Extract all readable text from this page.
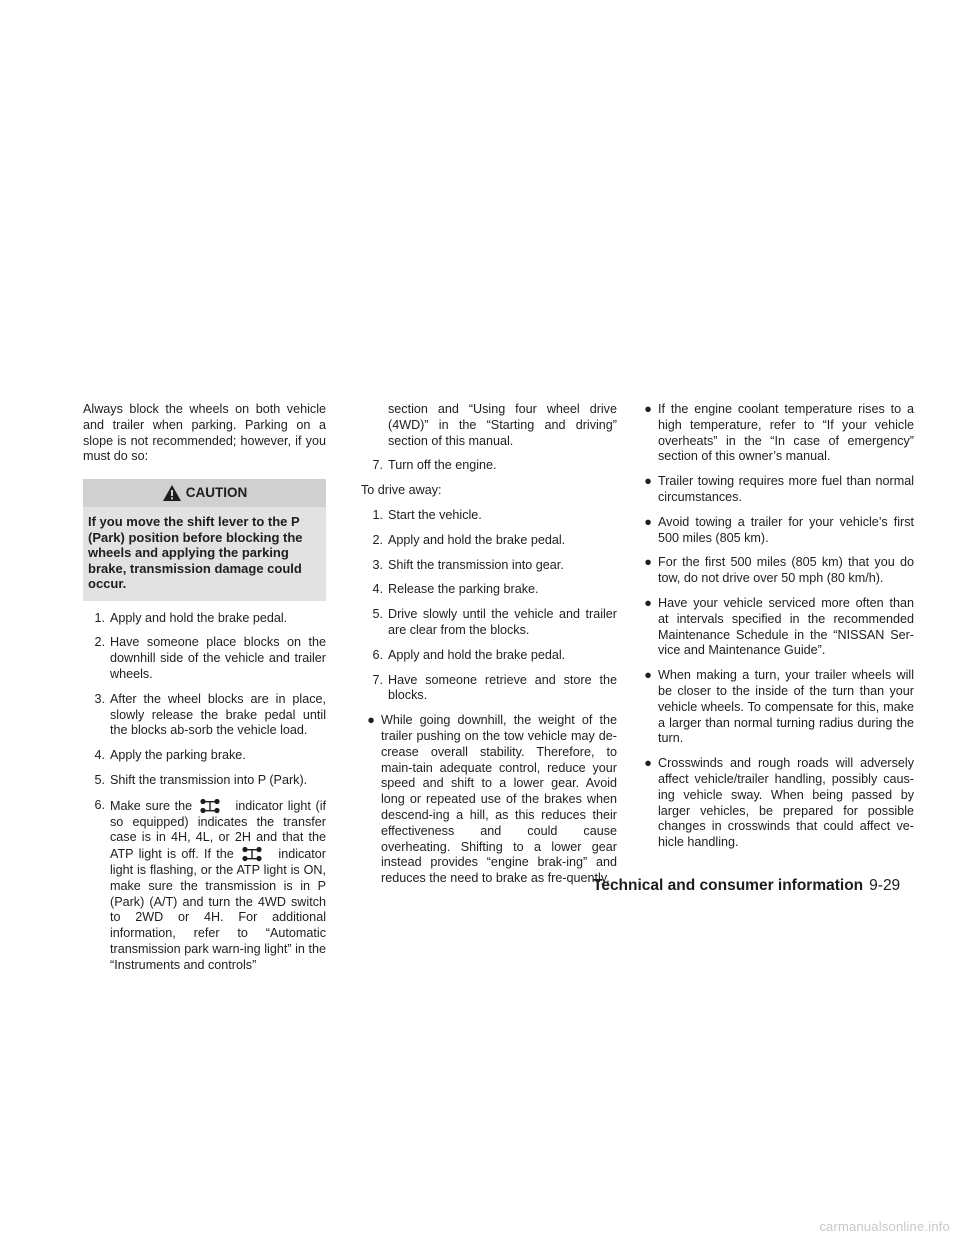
Always block the wheels on both vehicle and trailer when parking. Parking on a slope is not recommended; however, if you must do so:

CAUTION
If you move the shift lever to the P (Park) position before blocking the wheels and applying the parking brake, transmission damage could occur.
1. Apply and hold the brake pedal.
2. Have someone place blocks on the downhill side of the vehicle and trailer wheels.
3. After the wheel blocks are in place, slowly release the brake pedal until the blocks ab-sorb the vehicle load.
4. Apply the parking brake.
5. Shift the transmission into P (Park).
6. Make sure the	indicator light (if so equipped) indicates the transfer case is in 4H, 4L, or 2H and that the ATP light is off. If the	indicator light is flashing, or the ATP light is ON, make sure the transmission is in P (Park) (A/T) and turn the 4WD switch to 2WD or 4H. For additional information, refer to “Automatic transmission park warn-ing light” in the “Instruments and controls”

section and “Using four wheel drive (4WD)” in the “Starting and driving” section of this manual.

7. Turn off the engine.

To drive away:

1. Start the vehicle.
2. Apply and hold the brake pedal.
3. Shift the transmission into gear.
4. Release the parking brake.
5. Drive slowly until the vehicle and trailer are clear from the blocks.
6. Apply and hold the brake pedal.
7. Have someone retrieve and store the blocks.
● While going downhill, the weight of the trailer pushing on the tow vehicle may de-crease overall stability. Therefore, to main-tain adequate control, reduce your speed and shift to a lower gear. Avoid long or repeated use of the brakes when descend-ing a hill, as this reduces their effectiveness and could cause overheating. Shifting to a lower gear instead provides “engine brak-ing” and reduces the need to brake as fre-quently.
● If the engine coolant temperature rises to a high temperature, refer to “If your vehicle overheats” in the “In case of emergency” section of this owner’s manual.
● Trailer towing requires more fuel than normal circumstances.
● Avoid towing a trailer for your vehicle’s first 500 miles (805 km).
● For the first 500 miles (805 km) that you do tow, do not drive over 50 mph (80 km/h).
● Have your vehicle serviced more often than at intervals specified in the recommended Maintenance Schedule in the “NISSAN Ser-vice and Maintenance Guide”.
● When making a turn, your trailer wheels will be closer to the inside of the turn than your vehicle wheels. To compensate for this, make a larger than normal turning radius during the turn.
● Crosswinds and rough roads will adversely affect vehicle/trailer handling, possibly caus-ing vehicle sway. When being passed by larger vehicles, be prepared for possible changes in crosswinds that could affect ve-hicle handling.
Technical and consumer information 9-29
carmanualsonline.info
